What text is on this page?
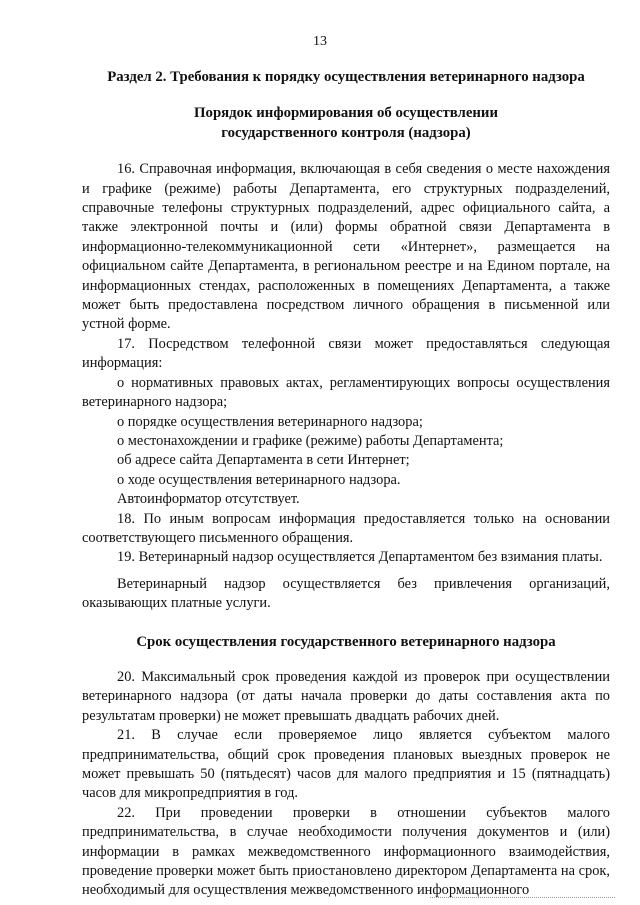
13
Раздел 2. Требования к порядку осуществления ветеринарного надзора
Порядок информирования об осуществлении
государственного контроля (надзора)

16. Справочная информация, включающая в себя сведения о месте нахождения и графике (режиме) работы Департамента, его структурных подразделений, справочные телефоны структурных подразделений, адрес официального сайта, а также электронной почты и (или) формы обратной связи Департамента в информационно-телекоммуникационной сети «Интернет», размещается на официальном сайте Департамента, в региональном реестре и на Едином портале, на информационных стендах, расположенных в помещениях Департамента, а также может быть предоставлена посредством личного обращения в письменной или устной форме.

17. Посредством телефонной связи может предоставляться следующая информация:

о нормативных правовых актах, регламентирующих вопросы осуществления ветеринарного надзора;

о порядке осуществления ветеринарного надзора;

о местонахождении и графике (режиме) работы Департамента;

об адресе сайта Департамента в сети Интернет;

о ходе осуществления ветеринарного надзора.

Автоинформатор отсутствует.

18. По иным вопросам информация предоставляется только на основании соответствующего письменного обращения.

19. Ветеринарный надзор осуществляется Департаментом без взимания платы.

Ветеринарный надзор осуществляется без привлечения организаций, оказывающих платные услуги.

Срок осуществления государственного ветеринарного надзора

20. Максимальный срок проведения каждой из проверок при осуществлении ветеринарного надзора (от даты начала проверки до даты составления акта по результатам проверки) не может превышать двадцать рабочих дней.

21. В случае если проверяемое лицо является субъектом малого предпринимательства, общий срок проведения плановых выездных проверок не может превышать 50 (пятьдесят) часов для малого предприятия и 15 (пятнадцать) часов для микропредприятия в год.

22. При проведении проверки в отношении субъектов малого предпринимательства, в случае необходимости получения документов и (или) информации в рамках межведомственного информационного взаимодействия, проведение проверки может быть приостановлено директором Департамента на срок, необходимый для осуществления межведомственного информационного
